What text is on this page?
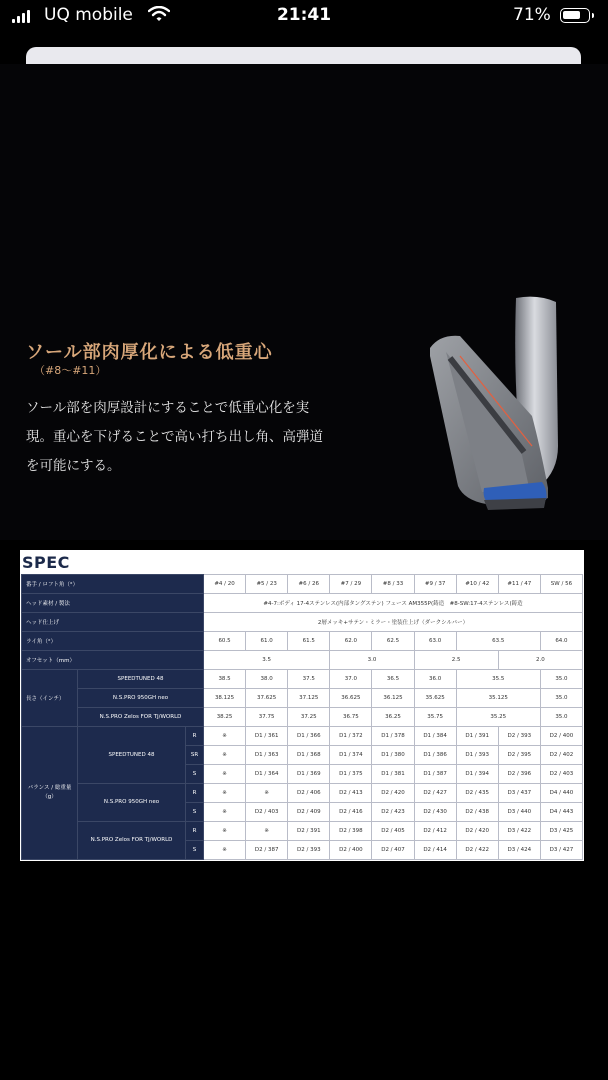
UQ mobile	21:41	71%
ソール部肉厚化による低重心
（#8～#11）
ソール部を肉厚設計にすることで低重心化を実現。重心を下げることで高い打ち出し角、高弾道を可能にする。
SPEC
番手 / ロフト角（°）			#4 / 20	#5 / 23	#6 / 26	#7 / 29	#8 / 33	#9 / 37	#10 / 42	#11 / 47	SW / 56
ヘッド素材 / 製法			#4-7:ボディ 17-4ステンレス(内部タングステン) フェース AM355P(鋳造　#8-SW:17-4ステンレス(鋳造								
ヘッド仕上げ			2層メッキ+サテン・ミラー・塗装仕上げ（ダークシルバー）								
ライ角（°）			60.5	61.0	61.5	62.0	62.5	63.0	63.5		64.0
オフセット（mm）			3.5			3.0		2.5		2.0	
長さ（インチ）	SPEEDTUNED 48		38.5	38.0	37.5	37.0	36.5	36.0	35.5		35.0
	N.S.PRO 950GH neo		38.125	37.625	37.125	36.625	36.125	35.625	35.125		35.0
	N.S.PRO Zelos FOR TJ/WORLD		38.25	37.75	37.25	36.75	36.25	35.75	35.25		35.0
バランス / 総重量（g）	SPEEDTUNED 48	R	※	D1 / 361	D1 / 366	D1 / 372	D1 / 378	D1 / 384	D1 / 391	D2 / 393	D2 / 400
		SR	※	D1 / 363	D1 / 368	D1 / 374	D1 / 380	D1 / 386	D1 / 393	D2 / 395	D2 / 402
		S	※	D1 / 364	D1 / 369	D1 / 375	D1 / 381	D1 / 387	D1 / 394	D2 / 396	D2 / 403
	N.S.PRO 950GH neo	R	※	※	D2 / 406	D2 / 413	D2 / 420	D2 / 427	D2 / 435	D3 / 437	D4 / 440
		S	※	D2 / 403	D2 / 409	D2 / 416	D2 / 423	D2 / 430	D2 / 438	D3 / 440	D4 / 443
	N.S.PRO Zelos FOR TJ/WORLD	R	※	※	D2 / 391	D2 / 398	D2 / 405	D2 / 412	D2 / 420	D3 / 422	D3 / 425
		S	※	D2 / 387	D2 / 393	D2 / 400	D2 / 407	D2 / 414	D2 / 422	D3 / 424	D3 / 427
